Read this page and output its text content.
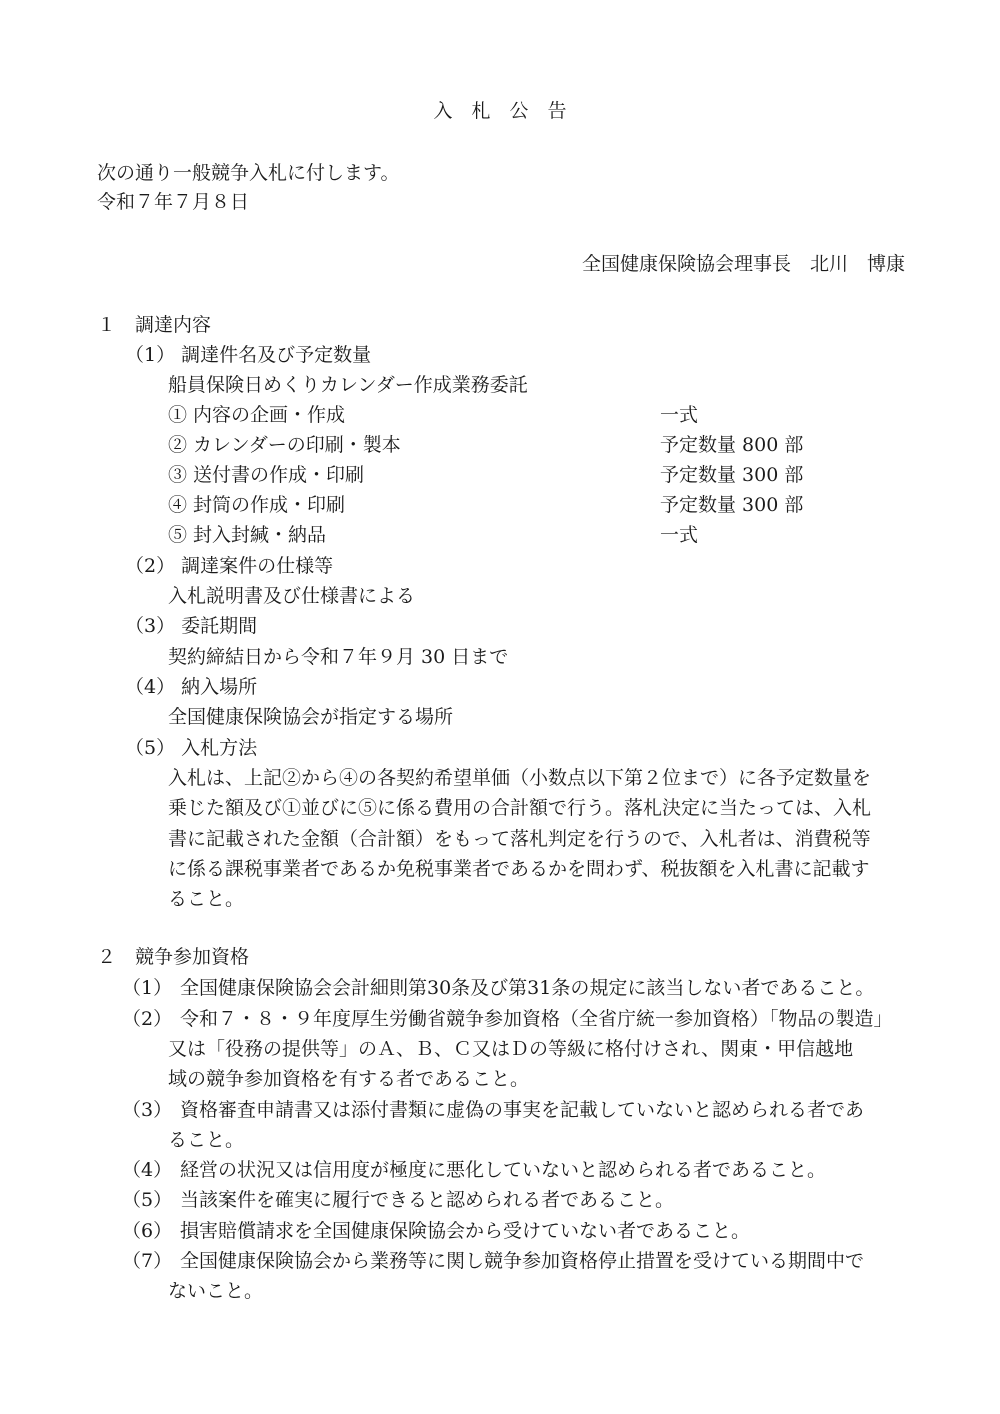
入　札　公　告
次の通り一般競争入札に付します。
令和７年７月８日
全国健康保険協会理事長　北川　博康
１　調達内容
（1） 調達件名及び予定数量
船員保険日めくりカレンダー作成業務委託
① 内容の企画・作成	一式
② カレンダーの印刷・製本	予定数量 800 部
③ 送付書の作成・印刷	予定数量 300 部
④ 封筒の作成・印刷	予定数量 300 部
⑤ 封入封緘・納品	一式
（2） 調達案件の仕様等
入札説明書及び仕様書による
（3） 委託期間
契約締結日から令和７年９月 30 日まで
（4） 納入場所
全国健康保険協会が指定する場所
（5） 入札方法
入札は、上記②から④の各契約希望単価（小数点以下第２位まで）に各予定数量を
乗じた額及び①並びに⑤に係る費用の合計額で行う。落札決定に当たっては、入札
書に記載された金額（合計額）をもって落札判定を行うので、入札者は、消費税等
に係る課税事業者であるか免税事業者であるかを問わず、税抜額を入札書に記載す
ること。
２　競争参加資格
（1） 全国健康保険協会会計細則第30条及び第31条の規定に該当しない者であること。
（2） 令和７・８・９年度厚生労働省競争参加資格（全省庁統一参加資格）「物品の製造」
又は「役務の提供等」のＡ、Ｂ、Ｃ又はＤの等級に格付けされ、関東・甲信越地
域の競争参加資格を有する者であること。
（3） 資格審査申請書又は添付書類に虚偽の事実を記載していないと認められる者であ
ること。
（4） 経営の状況又は信用度が極度に悪化していないと認められる者であること。
（5） 当該案件を確実に履行できると認められる者であること。
（6） 損害賠償請求を全国健康保険協会から受けていない者であること。
（7） 全国健康保険協会から業務等に関し競争参加資格停止措置を受けている期間中で
ないこと。
